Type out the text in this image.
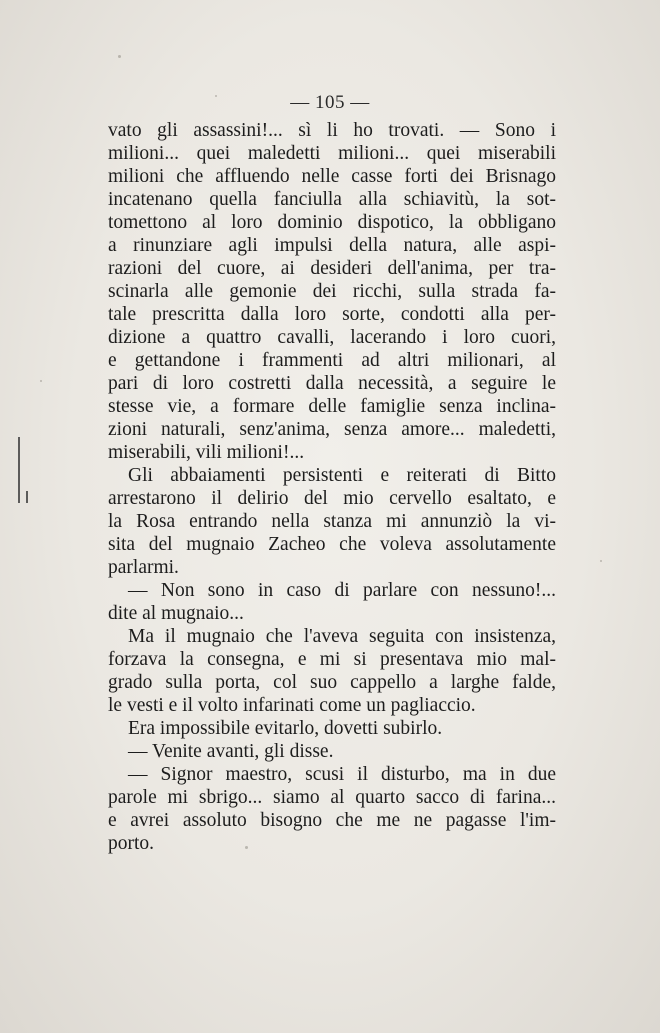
— 105 —
vato gli assassini!... sì li ho trovati. — Sono i
milioni... quei maledetti milioni... quei miserabili
milioni che affluendo nelle casse forti dei Brisnago
incatenano quella fanciulla alla schiavitù, la sot-
tomettono al loro dominio dispotico, la obbligano
a rinunziare agli impulsi della natura, alle aspi-
razioni del cuore, ai desideri dell'anima, per tra-
scinarla alle gemonie dei ricchi, sulla strada fa-
tale prescritta dalla loro sorte, condotti alla per-
dizione a quattro cavalli, lacerando i loro cuori,
e gettandone i frammenti ad altri milionari, al
pari di loro costretti dalla necessità, a seguire le
stesse vie, a formare delle famiglie senza inclina-
zioni naturali, senz'anima, senza amore... maledetti,
miserabili, vili milioni!...
Gli abbaiamenti persistenti e reiterati di Bitto
arrestarono il delirio del mio cervello esaltato, e
la Rosa entrando nella stanza mi annunziò la vi-
sita del mugnaio Zacheo che voleva assolutamente
parlarmi.
— Non sono in caso di parlare con nessuno!...
dite al mugnaio...
Ma il mugnaio che l'aveva seguita con insistenza,
forzava la consegna, e mi si presentava mio mal-
grado sulla porta, col suo cappello a larghe falde,
le vesti e il volto infarinati come un pagliaccio.
Era impossibile evitarlo, dovetti subirlo.
— Venite avanti, gli disse.
— Signor maestro, scusi il disturbo, ma in due
parole mi sbrigo... siamo al quarto sacco di farina...
e avrei assoluto bisogno che me ne pagasse l'im-
porto.
